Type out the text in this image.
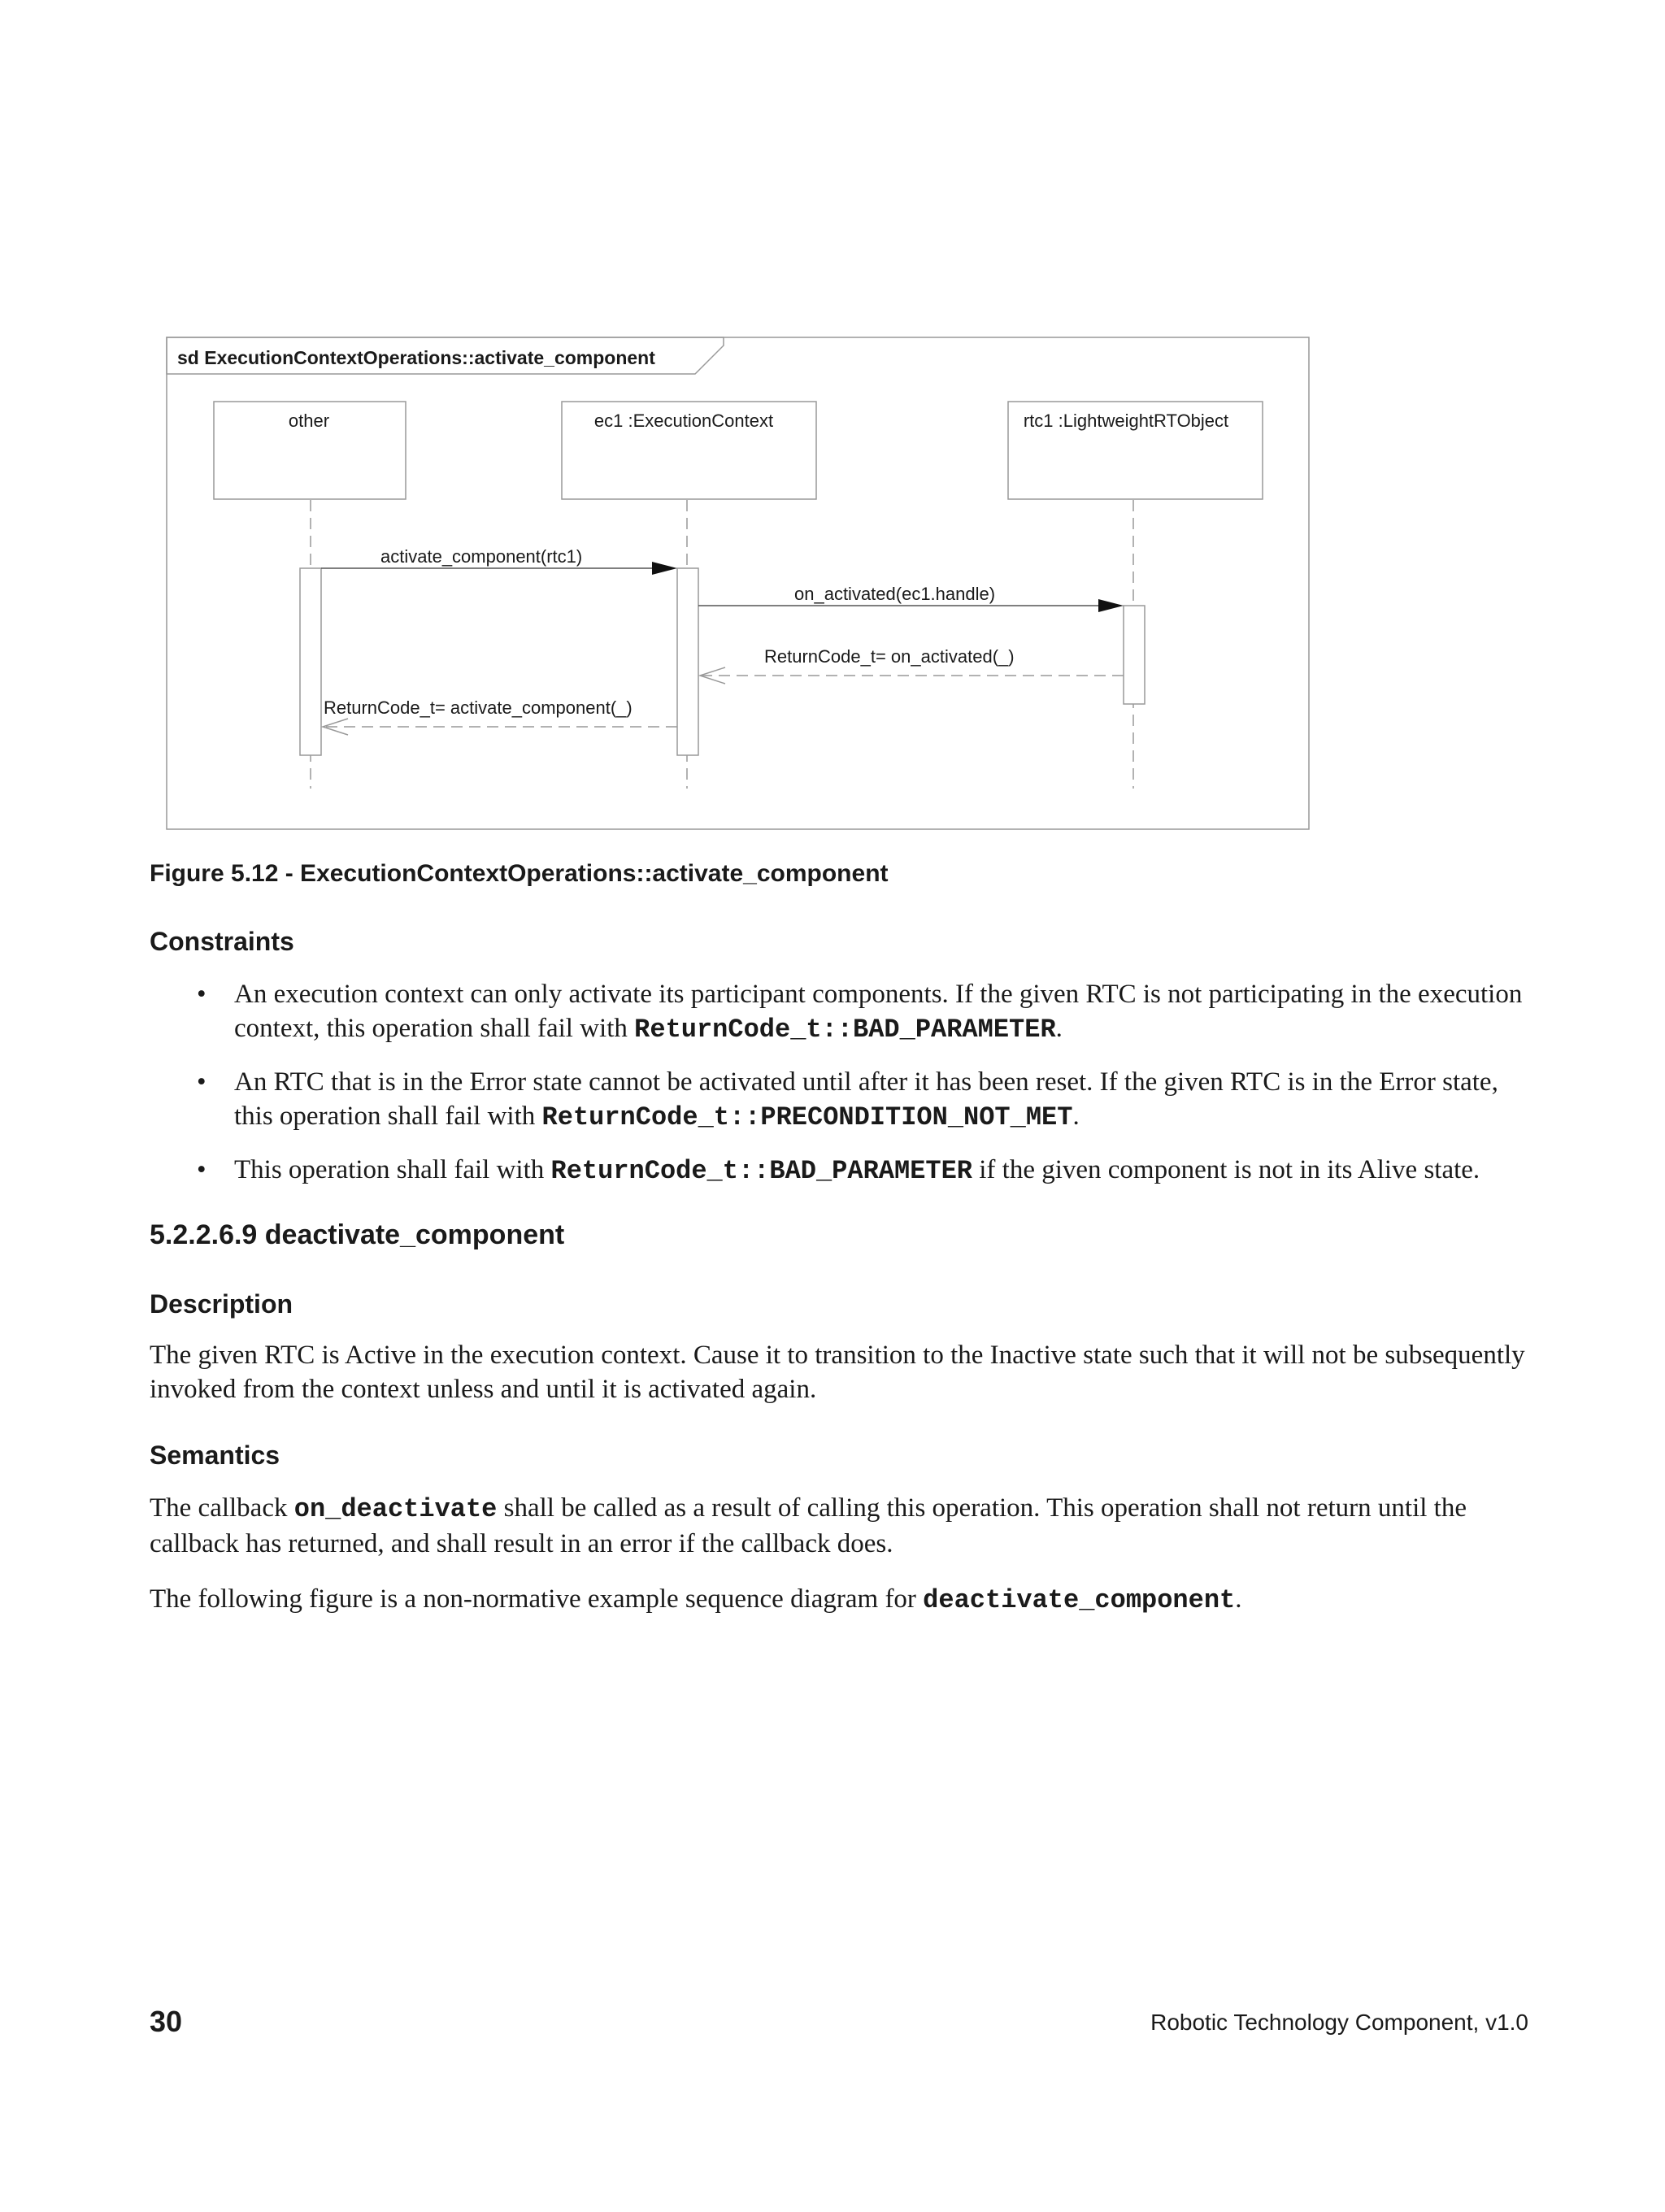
sd ExecutionContextOperations::activate_component
other	ec1 :ExecutionContext	rtc1 :LightweightRTObject
activate_component(rtc1)
on_activated(ec1.handle)
ReturnCode_t= on_activated(_)
ReturnCode_t= activate_component(_)
Figure 5.12 - ExecutionContextOperations::activate_component
Constraints
• An execution context can only activate its participant components. If the given RTC is not participating in the execution context, this operation shall fail with ReturnCode_t::BAD_PARAMETER.
• An RTC that is in the Error state cannot be activated until after it has been reset. If the given RTC is in the Error state, this operation shall fail with ReturnCode_t::PRECONDITION_NOT_MET.
• This operation shall fail with ReturnCode_t::BAD_PARAMETER if the given component is not in its Alive state.
5.2.2.6.9 deactivate_component
Description

The given RTC is Active in the execution context. Cause it to transition to the Inactive state such that it will not be subsequently invoked from the context unless and until it is activated again.

Semantics

The callback on_deactivate shall be called as a result of calling this operation. This operation shall not return until the callback has returned, and shall result in an error if the callback does.

The following figure is a non-normative example sequence diagram for deactivate_component.

30	Robotic Technology Component, v1.0
